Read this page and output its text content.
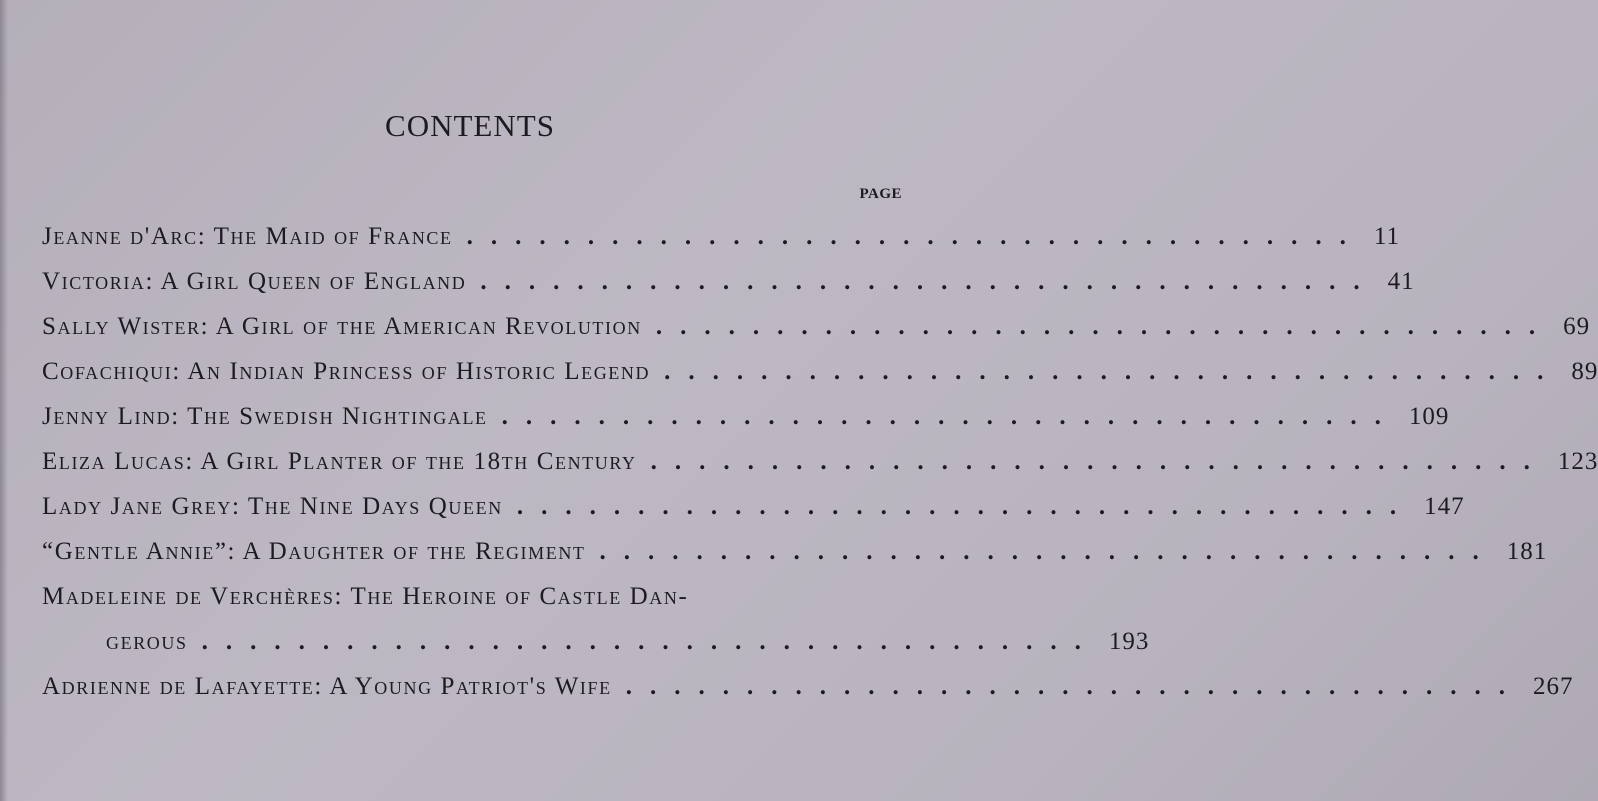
CONTENTS
PAGE
Jeanne d'Arc: The Maid of France ..................................... 11
Victoria: A Girl Queen of England ..................................... 41
Sally Wister: A Girl of the American Revolution ..................................... 69
Cofachiqui: An Indian Princess of Historic Legend ..................................... 89
Jenny Lind: The Swedish Nightingale ..................................... 109
Eliza Lucas: A Girl Planter of the 18th Century ..................................... 123
Lady Jane Grey: The Nine Days Queen ..................................... 147
“Gentle Annie”: A Daughter of the Regiment ..................................... 181
Madeleine de Verchères: The Heroine of Castle Dan-
gerous ..................................... 193
Adrienne de Lafayette: A Young Patriot's Wife ..................................... 267
